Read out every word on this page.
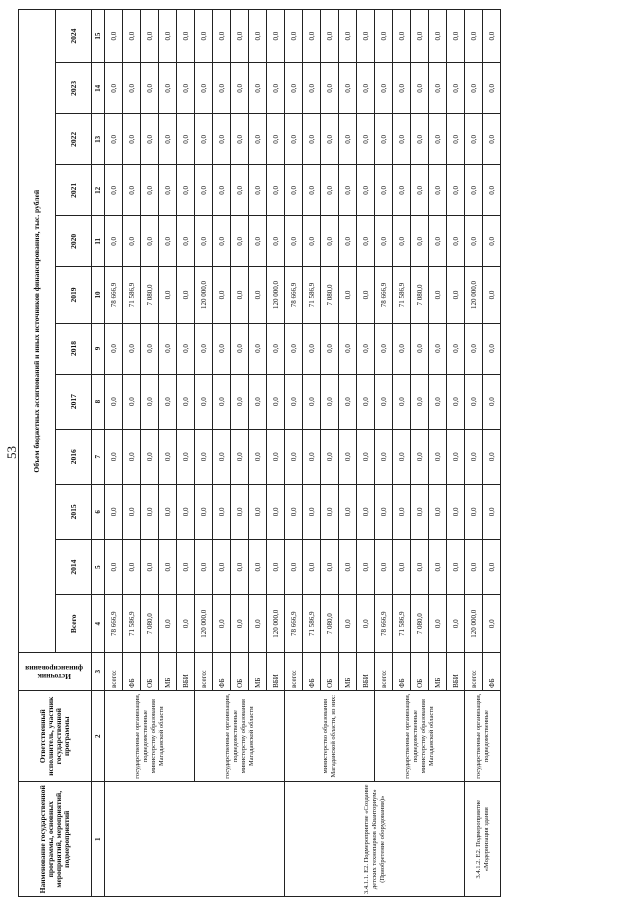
53
Наименование государственной программы, основных мероприятий, мероприятий, подмероприятий	Ответственный исполнитель, участник государственной программы	Источник финансирования	Объем бюджетных ассигнований и иных источников финансирования, тыс. рублей											
			Всего	2014	2015	2016	2017	2018	2019	2020	2021	2022	2023	2024
1	2	3	4	5	6	7	8	9	10	11	12	13	14	15
	государственные организации, подведомственные министерству образования Магаданской области	всего:	78 666,9	0,0	0,0	0,0	0,0	0,0	78 666,9	0,0	0,0	0,0	0,0	0,0
		ФБ	71 586,9	0,0	0,0	0,0	0,0	0,0	71 586,9	0,0	0,0	0,0	0,0	0,0
		ОБ	7 080,0	0,0	0,0	0,0	0,0	0,0	7 080,0	0,0	0,0	0,0	0,0	0,0
		МБ	0,0	0,0	0,0	0,0	0,0	0,0	0,0	0,0	0,0	0,0	0,0	0,0
		ВБИ	0,0	0,0	0,0	0,0	0,0	0,0	0,0	0,0	0,0	0,0	0,0	0,0
	государственные организации, подведомственные министерству образования Магаданской области	всего:	120 000,0	0,0	0,0	0,0	0,0	0,0	120 000,0	0,0	0,0	0,0	0,0	0,0
		ФБ	0,0	0,0	0,0	0,0	0,0	0,0	0,0	0,0	0,0	0,0	0,0	0,0
		ОБ	0,0	0,0	0,0	0,0	0,0	0,0	0,0	0,0	0,0	0,0	0,0	0,0
		МБ	0,0	0,0	0,0	0,0	0,0	0,0	0,0	0,0	0,0	0,0	0,0	0,0
		ВБИ	120 000,0	0,0	0,0	0,0	0,0	0,0	120 000,0	0,0	0,0	0,0	0,0	0,0
3.4.1.1. Е2. Подмероприятие «Создание детских технопарков «Кванториум» (Приобретение оборудования)»	министерство образования Магаданской области, из них:	всего:	78 666,9	0,0	0,0	0,0	0,0	0,0	78 666,9	0,0	0,0	0,0	0,0	0,0
		ФБ	71 586,9	0,0	0,0	0,0	0,0	0,0	71 586,9	0,0	0,0	0,0	0,0	0,0
		ОБ	7 080,0	0,0	0,0	0,0	0,0	0,0	7 080,0	0,0	0,0	0,0	0,0	0,0
		МБ	0,0	0,0	0,0	0,0	0,0	0,0	0,0	0,0	0,0	0,0	0,0	0,0
		ВБИ	0,0	0,0	0,0	0,0	0,0	0,0	0,0	0,0	0,0	0,0	0,0	0,0
	государственные организации, подведомственные министерству образования Магаданской области	всего:	78 666,9	0,0	0,0	0,0	0,0	0,0	78 666,9	0,0	0,0	0,0	0,0	0,0
		ФБ	71 586,9	0,0	0,0	0,0	0,0	0,0	71 586,9	0,0	0,0	0,0	0,0	0,0
		ОБ	7 080,0	0,0	0,0	0,0	0,0	0,0	7 080,0	0,0	0,0	0,0	0,0	0,0
		МБ	0,0	0,0	0,0	0,0	0,0	0,0	0,0	0,0	0,0	0,0	0,0	0,0
		ВБИ	0,0	0,0	0,0	0,0	0,0	0,0	0,0	0,0	0,0	0,0	0,0	0,0
3.4.1.2. Е2. Подмероприятие «Модернизация здания	государственные организации, подведомственные	всего:	120 000,0	0,0	0,0	0,0	0,0	0,0	120 000,0	0,0	0,0	0,0	0,0	0,0
		ФБ	0,0	0,0	0,0	0,0	0,0	0,0	0,0	0,0	0,0	0,0	0,0	0,0
